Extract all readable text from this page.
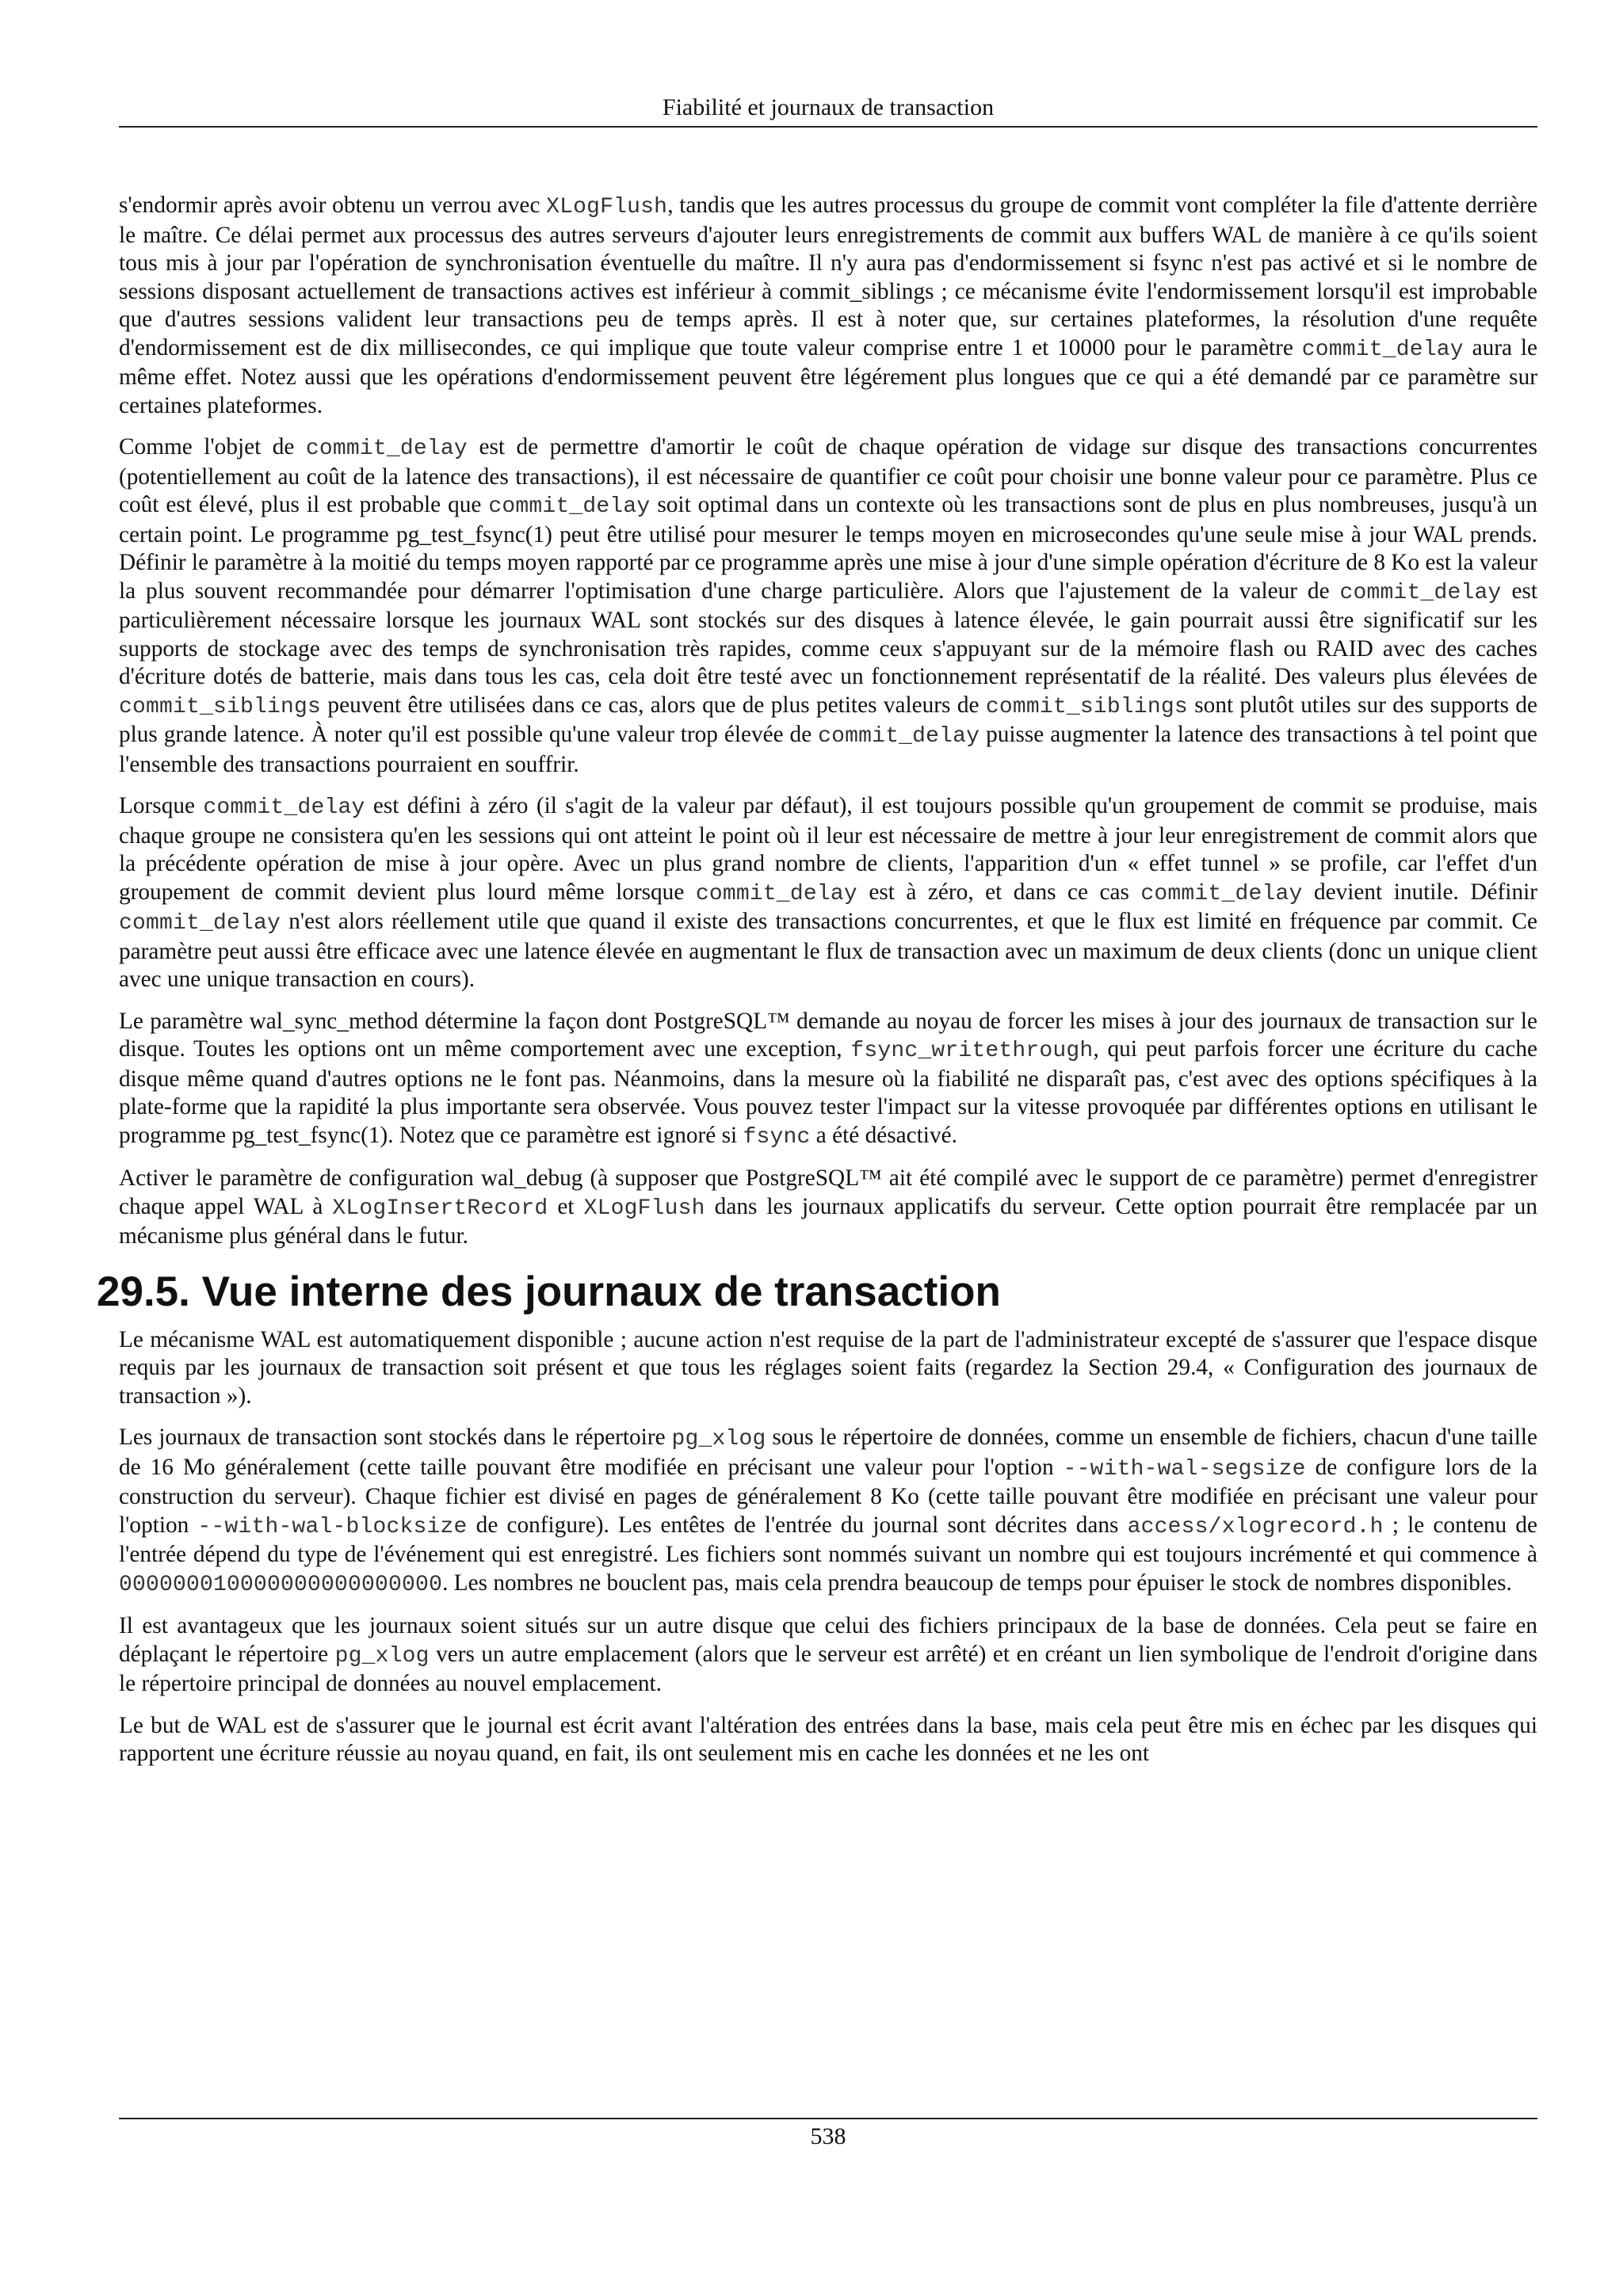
Fiabilité et journaux de transaction

s'endormir après avoir obtenu un verrou avec XLogFlush, tandis que les autres processus du groupe de commit vont compléter la file d'attente derrière le maître. Ce délai permet aux processus des autres serveurs d'ajouter leurs enregistrements de commit aux buffers WAL de manière à ce qu'ils soient tous mis à jour par l'opération de synchronisation éventuelle du maître. Il n'y aura pas d'endormissement si fsync n'est pas activé et si le nombre de sessions disposant actuellement de transactions actives est inférieur à commit_siblings ; ce mécanisme évite l'endormissement lorsqu'il est improbable que d'autres sessions valident leur transactions peu de temps après. Il est à noter que, sur certaines plateformes, la résolution d'une requête d'endormissement est de dix millisecondes, ce qui implique que toute valeur comprise entre 1 et 10000 pour le paramètre commit_delay aura le même effet. Notez aussi que les opérations d'endormissement peuvent être légérement plus longues que ce qui a été demandé par ce paramètre sur certaines plateformes.

Comme l'objet de commit_delay est de permettre d'amortir le coût de chaque opération de vidage sur disque des transactions concurrentes (potentiellement au coût de la latence des transactions), il est nécessaire de quantifier ce coût pour choisir une bonne valeur pour ce paramètre. Plus ce coût est élevé, plus il est probable que commit_delay soit optimal dans un contexte où les transactions sont de plus en plus nombreuses, jusqu'à un certain point. Le programme pg_test_fsync(1) peut être utilisé pour mesurer le temps moyen en microsecondes qu'une seule mise à jour WAL prends. Définir le paramètre à la moitié du temps moyen rapporté par ce programme après une mise à jour d'une simple opération d'écriture de 8 Ko est la valeur la plus souvent recommandée pour démarrer l'optimisation d'une charge particulière. Alors que l'ajustement de la valeur de commit_delay est particulièrement nécessaire lorsque les journaux WAL sont stockés sur des disques à latence élevée, le gain pourrait aussi être significatif sur les supports de stockage avec des temps de synchronisation très rapides, comme ceux s'appuyant sur de la mémoire flash ou RAID avec des caches d'écriture dotés de batterie, mais dans tous les cas, cela doit être testé avec un fonctionnement représentatif de la réalité. Des valeurs plus élevées de commit_siblings peuvent être utilisées dans ce cas, alors que de plus petites valeurs de commit_siblings sont plutôt utiles sur des supports de plus grande latence. À noter qu'il est possible qu'une valeur trop élevée de commit_delay puisse augmenter la latence des transactions à tel point que l'ensemble des transactions pourraient en souffrir.

Lorsque commit_delay est défini à zéro (il s'agit de la valeur par défaut), il est toujours possible qu'un groupement de commit se produise, mais chaque groupe ne consistera qu'en les sessions qui ont atteint le point où il leur est nécessaire de mettre à jour leur enregistrement de commit alors que la précédente opération de mise à jour opère. Avec un plus grand nombre de clients, l'apparition d'un « effet tunnel » se profile, car l'effet d'un groupement de commit devient plus lourd même lorsque commit_delay est à zéro, et dans ce cas commit_delay devient inutile. Définir commit_delay n'est alors réellement utile que quand il existe des transactions concurrentes, et que le flux est limité en fréquence par commit. Ce paramètre peut aussi être efficace avec une latence élevée en augmentant le flux de transaction avec un maximum de deux clients (donc un unique client avec une unique transaction en cours).

Le paramètre wal_sync_method détermine la façon dont PostgreSQL™ demande au noyau de forcer les mises à jour des journaux de transaction sur le disque. Toutes les options ont un même comportement avec une exception, fsync_writethrough, qui peut parfois forcer une écriture du cache disque même quand d'autres options ne le font pas. Néanmoins, dans la mesure où la fiabilité ne disparaît pas, c'est avec des options spécifiques à la plate-forme que la rapidité la plus importante sera observée. Vous pouvez tester l'impact sur la vitesse provoquée par différentes options en utilisant le programme pg_test_fsync(1). Notez que ce paramètre est ignoré si fsync a été désactivé.

Activer le paramètre de configuration wal_debug (à supposer que PostgreSQL™ ait été compilé avec le support de ce paramètre) permet d'enregistrer chaque appel WAL à XLogInsertRecord et XLogFlush dans les journaux applicatifs du serveur. Cette option pourrait être remplacée par un mécanisme plus général dans le futur.

29.5. Vue interne des journaux de transaction

Le mécanisme WAL est automatiquement disponible ; aucune action n'est requise de la part de l'administrateur excepté de s'assurer que l'espace disque requis par les journaux de transaction soit présent et que tous les réglages soient faits (regardez la Section 29.4, « Configuration des journaux de transaction »).

Les journaux de transaction sont stockés dans le répertoire pg_xlog sous le répertoire de données, comme un ensemble de fichiers, chacun d'une taille de 16 Mo généralement (cette taille pouvant être modifiée en précisant une valeur pour l'option --with-wal-segsize de configure lors de la construction du serveur). Chaque fichier est divisé en pages de généralement 8 Ko (cette taille pouvant être modifiée en précisant une valeur pour l'option --with-wal-blocksize de configure). Les entêtes de l'entrée du journal sont décrites dans access/xlogrecord.h ; le contenu de l'entrée dépend du type de l'événement qui est enregistré. Les fichiers sont nommés suivant un nombre qui est toujours incrémenté et qui commence à 000000010000000000000000. Les nombres ne bouclent pas, mais cela prendra beaucoup de temps pour épuiser le stock de nombres disponibles.

Il est avantageux que les journaux soient situés sur un autre disque que celui des fichiers principaux de la base de données. Cela peut se faire en déplaçant le répertoire pg_xlog vers un autre emplacement (alors que le serveur est arrêté) et en créant un lien symbolique de l'endroit d'origine dans le répertoire principal de données au nouvel emplacement.

Le but de WAL est de s'assurer que le journal est écrit avant l'altération des entrées dans la base, mais cela peut être mis en échec par les disques qui rapportent une écriture réussie au noyau quand, en fait, ils ont seulement mis en cache les données et ne les ont

538
